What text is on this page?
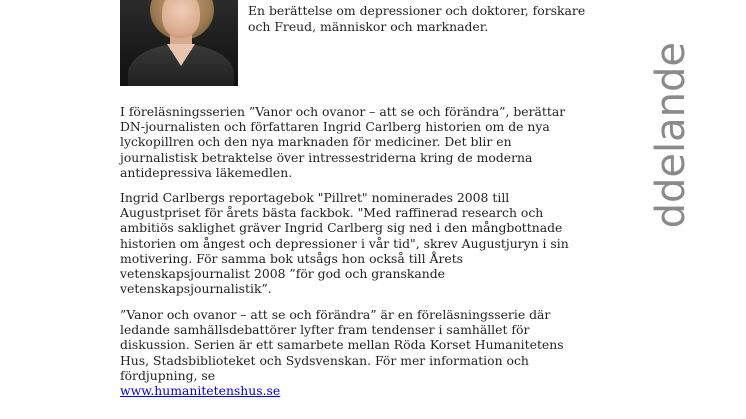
En berättelse om depressioner och doktorer, forskare och Freud, människor och marknader.

I föreläsningsserien ”Vanor och ovanor – att se och förändra”, berättar DN-journalisten och författaren Ingrid Carlberg historien om de nya lyckopillren och den nya marknaden för mediciner. Det blir en journalistisk betraktelse över intressestriderna kring de moderna antidepressiva läkemedlen.

Ingrid Carlbergs reportagebok "Pillret" nominerades 2008 till Augustpriset för årets bästa fackbok. "Med raffinerad research och ambitiös saklighet gräver Ingrid Carlberg sig ned i den mångbottnade historien om ångest och depressioner i vår tid", skrev Augustjuryn i sin motivering. För samma bok utsågs hon också till Årets vetenskapsjournalist 2008 ”för god och granskande vetenskapsjournalistik”.

”Vanor och ovanor – att se och förändra” är en föreläsningsserie där ledande samhällsdebattörer lyfter fram tendenser i samhället för diskussion. Serien är ett samarbete mellan Röda Korset Humanitetens Hus, Stadsbiblioteket och Sydsvenskan. För mer information och fördjupning, se
www.humanitetenshus.se

ddelande
